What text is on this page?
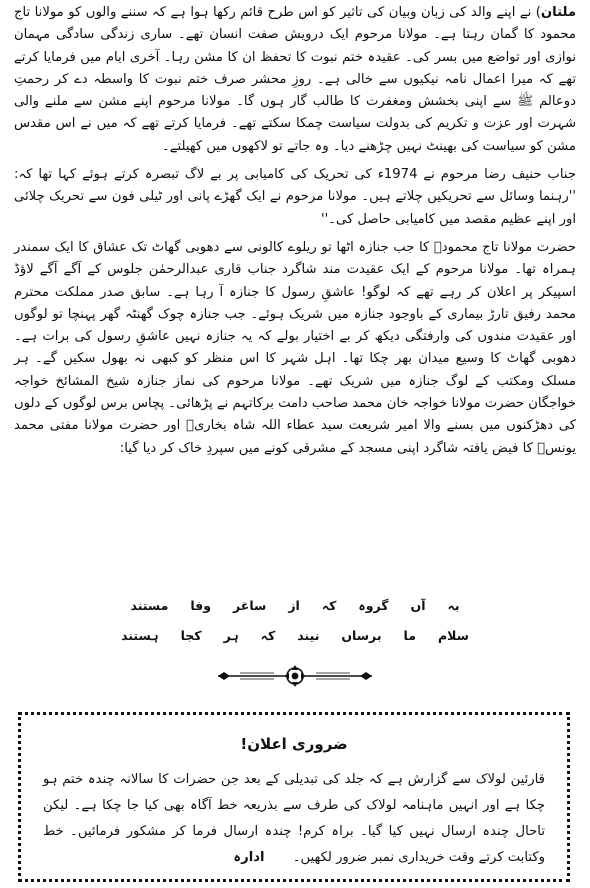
ملتان) نے اپنے والد کی زبان وبیان کی تاثیر کو اس طرح قائم رکھا ہوا ہے کہ سننے والوں کو مولانا تاج محمود کا گمان رہتا ہے۔ مولانا مرحوم ایک درویش صفت انسان تھے۔ ساری زندگی سادگی مہمان نوازی اور تواضع میں بسر کی۔ عقیدہ ختم نبوت کا تحفظ ان کا مشن رہا۔ آخری ایام میں فرمایا کرتے تھے کہ میرا اعمال نامہ نیکیوں سے خالی ہے۔ روزِ محشر صرف ختم نبوت کا واسطہ دے کر رحمتِ دوعالم ﷺ سے اپنی بخشش ومغفرت کا طالب گار ہوں گا۔ مولانا مرحوم اپنے مشن سے ملنے والی شہرت اور عزت و تکریم کی بدولت سیاست چمکا سکتے تھے۔ فرمایا کرتے تھے کہ میں نے اس مقدس مشن کو سیاست کی بھینٹ نہیں چڑھنے دیا۔ وہ جاتے تو لاکھوں میں کھیلتے۔

جناب حنیف رضا مرحوم نے 1974ء کی تحریک کی کامیابی پر بے لاگ تبصرہ کرتے ہوئے کہا تھا کہ: ''رہنما وسائل سے تحریکیں چلاتے ہیں۔ مولانا مرحوم نے ایک گھڑے پانی اور ٹیلی فون سے تحریک چلائی اور اپنے عظیم مقصد میں کامیابی حاصل کی۔''

حضرت مولانا تاج محمودؒ کا جب جنازہ اٹھا تو ریلوے کالونی سے دھوبی گھاٹ تک عشاق کا ایک سمندر ہمراہ تھا۔ مولانا مرحوم کے ایک عقیدت مند شاگرد جناب قاری عبدالرحمٰن جلوس کے آگے آگے لاؤڈ اسپیکر پر اعلان کر رہے تھے کہ لوگو! عاشقِ رسول کا جنازہ آ رہا ہے۔ سابق صدر مملکت محترم محمد رفیق تارڑ بیماری کے باوجود جنازہ میں شریک ہوئے۔ جب جنازہ چوک گھنٹہ گھر پہنچا تو لوگوں اور عقیدت مندوں کی وارفتگی دیکھ کر بے اختیار بولے کہ یہ جنازہ نہیں عاشقِ رسول کی برات ہے۔ دھوبی گھاٹ کا وسیع میدان بھر چکا تھا۔ اہل شہر کا اس منظر کو کبھی نہ بھول سکیں گے۔ ہر مسلک ومکتب کے لوگ جنازہ میں شریک تھے۔ مولانا مرحوم کی نماز جنازہ شیخ المشائخ خواجہ خواجگان حضرت مولانا خواجہ خان محمد صاحب دامت برکاتہم نے پڑھائی۔ پچاس برس لوگوں کے دلوں کی دھڑکنوں میں بسنے والا امیر شریعت سید عطاء اللہ شاہ بخاریؒ اور حضرت مولانا مفتی محمد یونسؒ کا فیض یافتہ شاگرد اپنی مسجد کے مشرقی کونے میں سپردِ خاک کر دیا گیا:

بہ
آں
گروہ
کہ
از
ساغر
وفا
مستند
سلام
ما
برساں
نیند
کہ
ہر
کجا
ہستند
ضروری اعلان!
قارئین لولاک سے گزارش ہے کہ جلد کی تبدیلی کے بعد جن حضرات کا سالانہ چندہ ختم ہو چکا ہے اور انہیں ماہنامہ لولاک کی طرف سے بذریعہ خط آگاہ بھی کیا جا چکا ہے۔ لیکن تاحال چندہ ارسال نہیں کیا گیا۔ براہ کرم! چندہ ارسال فرما کر مشکور فرمائیں۔ خط وکتابت کرتے وقت خریداری نمبر ضرور لکھیں۔ ادارہ
